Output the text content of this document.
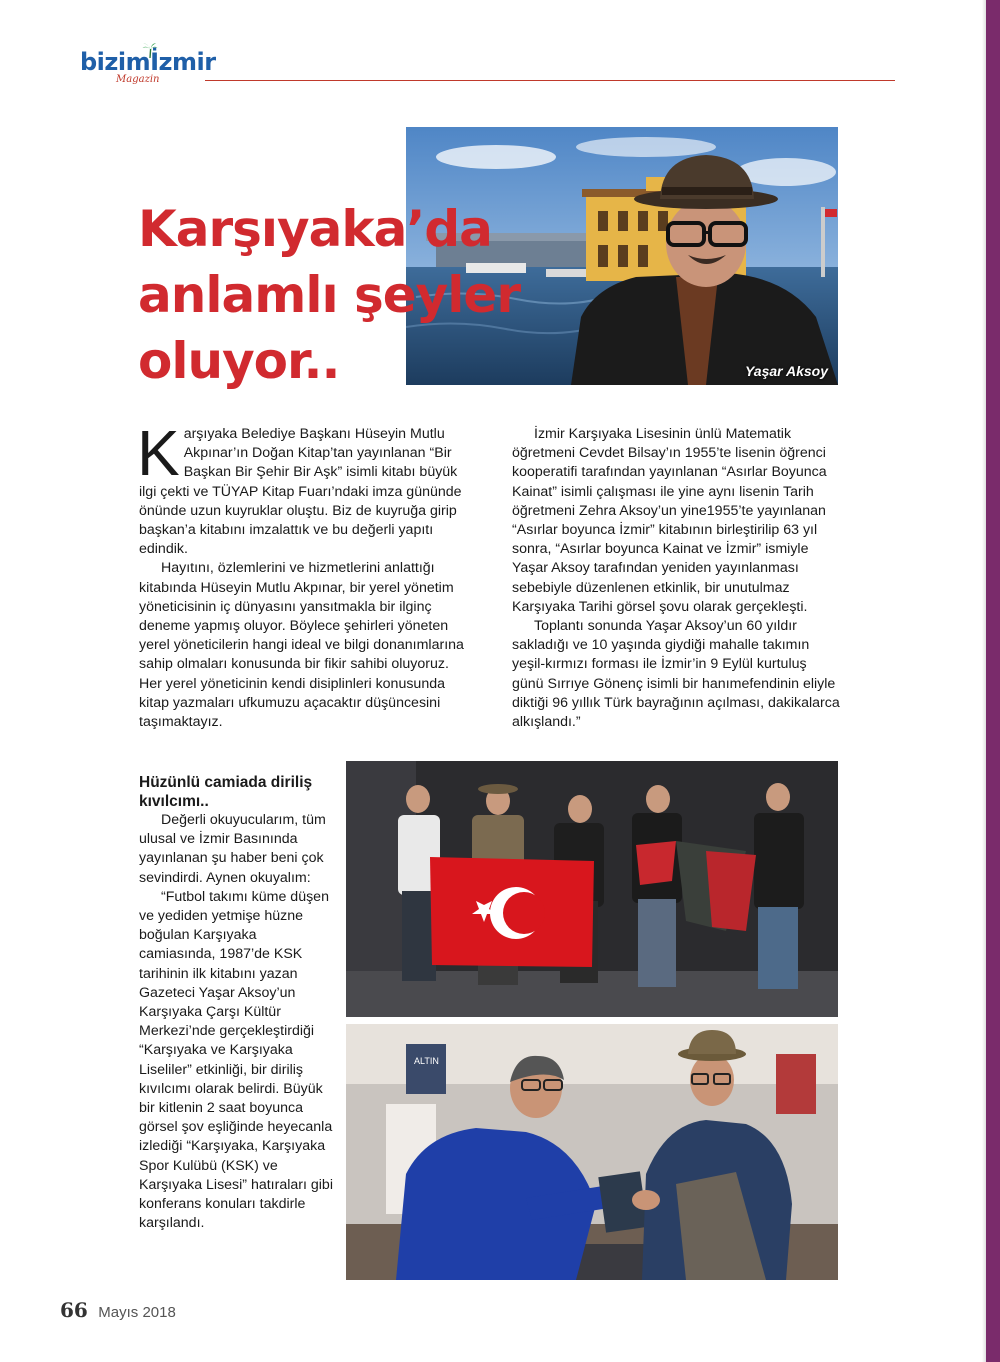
bizimİzmir
Magazin
Yaşar Aksoy
Karşıyaka’da
anlamlı şeyler
oluyor..

Karşıyaka Belediye Başkanı Hüseyin Mutlu Akpınar’ın Doğan Kitap’tan yayınlanan “Bir Başkan Bir Şehir Bir Aşk” isimli kitabı büyük ilgi çekti ve TÜYAP Kitap Fuarı’ndaki imza gününde önünde uzun kuyruklar oluştu. Biz de kuyruğa girip başkan’a kitabını imzalattık ve bu değerli yapıtı edindik.

Hayıtını, özlemlerini ve hizmetlerini anlattığı kitabında Hüseyin Mutlu Akpınar, bir yerel yönetim yöneticisinin iç dünyasını yansıtmakla bir ilginç deneme yapmış oluyor. Böylece şehirleri yöneten yerel yöneticilerin hangi ideal ve bilgi donanımlarına sahip olmaları konusunda bir fikir sahibi oluyoruz. Her yerel yöneticinin kendi disiplinleri konusunda kitap yazmaları ufkumuzu açacaktır düşüncesini taşımaktayız.

İzmir Karşıyaka Lisesinin ünlü Matematik öğretmeni Cevdet Bilsay’ın 1955’te lisenin öğrenci kooperatifi tarafından yayınlanan “Asırlar Boyunca Kainat” isimli çalışması ile yine aynı lisenin Tarih öğretmeni Zehra Aksoy’un yine1955’te yayınlanan “Asırlar boyunca İzmir” kitabının birleştirilip 63 yıl sonra, “Asırlar boyunca Kainat ve İzmir” ismiyle Yaşar Aksoy tarafından yeniden yayınlanması sebebiyle düzenlenen etkinlik, bir unutulmaz Karşıyaka Tarihi görsel şovu olarak gerçekleşti.

Toplantı sonunda Yaşar Aksoy’un 60 yıldır sakladığı ve 10 yaşında giydiği mahalle takımın yeşil-kırmızı forması ile İzmir’in 9 Eylül kurtuluş günü Sırrıye Gönenç isimli bir hanımefendinin eliyle diktiği 96 yıllık Türk bayrağının açılması, dakikalarca alkışlandı.”

Hüzünlü camiada diriliş kıvılcımı..

Değerli okuyucularım, tüm ulusal ve İzmir Basınında yayınlanan şu haber beni çok sevindirdi. Aynen okuyalım:

“Futbol takımı küme düşen ve yediden yetmişe hüzne boğulan Karşıyaka camiasında, 1987’de KSK tarihinin ilk kitabını yazan Gazeteci Yaşar Aksoy’un Karşıyaka Çarşı Kültür Merkezi’nde gerçekleştirdiği “Karşıyaka ve Karşıyaka Liseliler” etkinliği, bir diriliş kıvılcımı olarak belirdi. Büyük bir kitlenin 2 saat boyunca görsel şov eşliğinde heyecanla izlediği “Karşıyaka, Karşıyaka Spor Kulübü (KSK) ve Karşıyaka Lisesi” hatıraları gibi konferans konuları takdirle karşılandı.

ALTIN
66 Mayıs 2018
